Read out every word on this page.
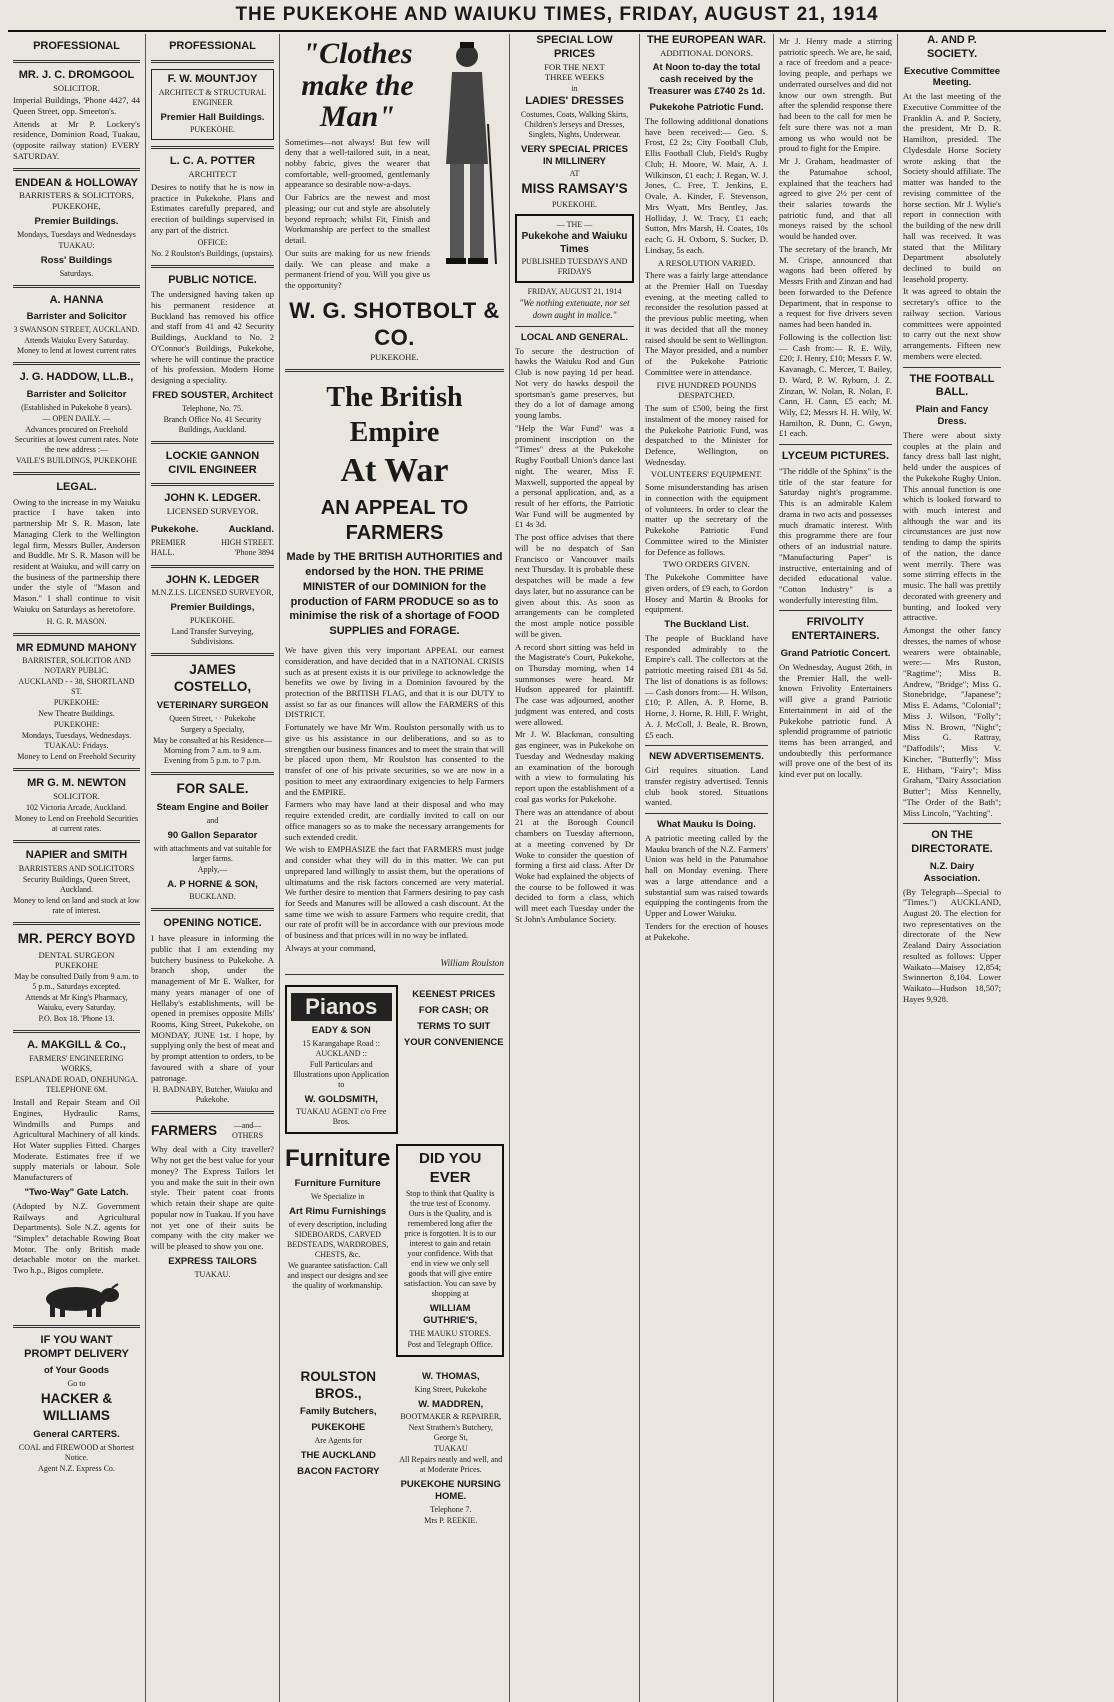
THE PUKEKOHE AND WAIUKU TIMES, FRIDAY, AUGUST 21, 1914
PROFESSIONAL
MR. J. C. DROMGOOL
SOLICITOR.
Imperial Buildings, 'Phone 4427, 44 Queen Street, opp. Smeeton's.
Attends at Mr P. Lockery's residence, Dominion Road, Tuakau, (opposite railway station) EVERY SATURDAY.
ENDEAN & HOLLOWAY
BARRISTERS & SOLICITORS, PUKEKOHE,
Premier Buildings.
Mondays, Tuesdays and Wednesdays
TUAKAU:
Ross' Buildings
Saturdays.
A. HANNA
Barrister and Solicitor
3 SWANSON STREET, AUCKLAND.
Attends Waiuku Every Saturday. Money to lend at lowest current rates
J. G. HADDOW, LL.B.,
Barrister and Solicitor
(Established in Pukekohe 8 years).
— OPEN DAILY. —
Advances procured on Freehold Securities at lowest current rates. Note the new address :—
VAILE'S BUILDINGS, PUKEKOHE
LEGAL.
Owing to the increase in my Waiuku practice I have taken into partnership Mr S. R. Mason, late Managing Clerk to the Wellington legal firm, Messrs Buller, Anderson and Buddle. Mr S. R. Mason will be resident at Waiuku, and will carry on the business of the partnership there under the style of "Mason and Mason." I shall continue to visit Waiuku on Saturdays as heretofore.
H. G. R. MASON.
MR EDMUND MAHONY
BARRISTER, SOLICITOR AND NOTARY PUBLIC.
AUCKLAND - - 38, SHORTLAND ST.
PUKEKOHE:
New Theatre Buildings.
PUKEKOHE:
Mondays, Tuesdays, Wednesdays. TUAKAU: Fridays.
Money to Lend on Freehold Security
MR G. M. NEWTON
SOLICITOR.
102 Victoria Arcade, Auckland.
Money to Lend on Freehold Securities at current rates.
NAPIER and SMITH
BARRISTERS AND SOLICITORS
Security Buildings, Queen Street, Auckland.
Money to lend on land and stock at low rate of interest.
MR. PERCY BOYD
DENTAL SURGEON
PUKEKOHE
May be consulted Daily from 9 a.m. to 5 p.m., Saturdays excepted.
Attends at Mr King's Pharmacy, Waiuku, every Saturday.
P.O. Box 18. 'Phone 13.
A. MAKGILL & Co.,
FARMERS' ENGINEERING WORKS,
ESPLANADE ROAD, ONEHUNGA. TELEPHONE 6M.
Install and Repair Steam and Oil Engines, Hydraulic Rams, Windmills and Pumps and Agricultural Machinery of all kinds. Hot Water supplies Fitted. Charges Moderate. Estimates free if we supply materials or labour. Sole Manufacturers of
"Two-Way" Gate Latch.
(Adopted by N.Z. Government Railways and Agricultural Departments). Sole N.Z. agents for "Simplex" detachable Rowing Boat Motor. The only British made detachable motor on the market. Two h.p., Bigos complete.
IF YOU WANT
PROMPT DELIVERY
of Your Goods
Go to
HACKER & WILLIAMS
General CARTERS.
COAL and FIREWOOD at Shortest Notice.
Agent N.Z. Express Co.
PROFESSIONAL
F. W. MOUNTJOY
ARCHITECT & STRUCTURAL ENGINEER
Premier Hall Buildings.
PUKEKOHE.
L. C. A. POTTER
ARCHITECT
Desires to notify that he is now in practice in Pukekohe. Plans and Estimates carefully prepared, and erection of buildings supervised in any part of the district.
OFFICE:
No. 2 Roulston's Buildings, (upstairs).
PUBLIC NOTICE.
The undersigned having taken up his permanent residence at Buckland has removed his office and staff from 41 and 42 Security Buildings, Auckland to No. 2 O'Connor's Buildings, Pukekohe, where he will continue the practice of his profession. Modern Home designing a speciality.
FRED SOUSTER, Architect
Telephone, No. 75.
Branch Office No. 41 Security Buildings, Auckland.
LOCKIE GANNON
CIVIL ENGINEER
JOHN K. LEDGER.
LICENSED SURVEYOR.
Pukekohe.
PREMIER HALL.
Auckland.
HIGH STREET. 'Phone 3894
JOHN K. LEDGER
M.N.Z.I.S. LICENSED SURVEYOR,
Premier Buildings,
PUKEKOHE.
Land Transfer Surveying, Subdivisions.
JAMES COSTELLO,
VETERINARY SURGEON
Queen Street, · · Pukekohe
Surgery a Specialty,
May be consulted at his Residence— Morning from 7 a.m. to 9 a.m. Evening from 5 p.m. to 7 p.m.
FOR SALE.
Steam Engine and Boiler
and
90 Gallon Separator
with attachments and vat suitable for larger farms.
Apply,—
A. P HORNE & SON,
BUCKLAND.
OPENING NOTICE.
I have pleasure in informing the public that I am extending my butchery business to Pukekohe. A branch shop, under the management of Mr E. Walker, for many years manager of one of Hellaby's establishments, will be opened in premises opposite Mills' Rooms, King Street, Pukekohe, on MONDAY, JUNE 1st. I hope, by supplying only the best of meat and by prompt attention to orders, to be favoured with a share of your patronage.
H. BADNABY, Butcher, Waiuku and Pukekohe.
FARMERS	—and— OTHERS
Why deal with a City traveller? Why not get the best value for your money? The Express Tailors let you and make the suit in their own style. Their patent coat fronts which retain their shape are quite popular now in Tuakau. If you have not yet one of their suits be company with the city maker we will be pleased to show you one.
EXPRESS TAILORS
TUAKAU.
"Clothes make the Man"
Sometimes—not always! But few will deny that a well-tailored suit, in a neat, nobby fabric, gives the wearer that comfortable, well-groomed, gentlemanly appearance so desirable now-a-days.
Our Fabrics are the newest and most pleasing; our cut and style are absolutely beyond reproach; whilst Fit, Finish and Workmanship are perfect to the smallest detail.
Our suits are making for us new friends daily. We can please and make a permanent friend of you. Will you give us the opportunity?
W. G. SHOTBOLT & CO.
PUKEKOHE.
The British Empire
At War
AN APPEAL TO FARMERS
Made by THE BRITISH AUTHORITIES and endorsed by the HON. THE PRIME MINISTER of our DOMINION for the production of FARM PRODUCE so as to minimise the risk of a shortage of FOOD SUPPLIES and FORAGE.
We have given this very important APPEAL our earnest consideration, and have decided that in a NATIONAL CRISIS such as at present exists it is our privilege to acknowledge the benefits we owe by living in a Dominion favoured by the protection of the BRITISH FLAG, and that it is our DUTY to assist so far as our finances will allow the FARMERS of this DISTRICT.
Fortunately we have Mr Wm. Roulston personally with us to give us his assistance in our deliberations, and so as to strengthen our business finances and to meet the strain that will be placed upon them, Mr Roulston has consented to the transfer of one of his private securities, so we are now in a position to meet any extraordinary exigencies to help Farmers and the EMPIRE.
Farmers who may have land at their disposal and who may require extended credit, are cordially invited to call on our office managers so as to make the necessary arrangements for such extended credit.
We wish to EMPHASIZE the fact that FARMERS must judge and consider what they will do in this matter. We can put unprepared land willingly to assist them, but the operations of ultimatums and the risk factors concerned are very material. We further desire to mention that Farmers desiring to pay cash for Seeds and Manures will be allowed a cash discount. At the same time we wish to assure Farmers who require credit, that our rate of profit will be in accordance with our previous mode of business and that prices will in no way be inflated.
Always at your command,
William Roulston
Pianos
EADY & SON
15 Karangahape Road :: AUCKLAND ::
Full Particulars and Illustrations upon Application to
W. GOLDSMITH,
TUAKAU AGENT c/o Free Bros.
KEENEST PRICES
FOR CASH; OR
TERMS TO SUIT
YOUR CONVENIENCE
Furniture
Furniture Furniture
We Specialize in
Art Rimu Furnishings
of every description, including SIDEBOARDS, CARVED BEDSTEADS, WARDROBES, CHESTS, &c.
We guarantee satisfaction. Call and inspect our designs and see the quality of workmanship.
DID YOU EVER
Stop to think that Quality is the true test of Economy. Ours is the Quality, and is remembered long after the price is forgotten. It is to our interest to gain and retain your confidence. With that end in view we only sell goods that will give entire satisfaction. You can save by shopping at
WILLIAM GUTHRIE'S,
THE MAUKU STORES.
Post and Telegraph Office.
ROULSTON BROS.,
Family Butchers,
PUKEKOHE
Are Agents for
THE AUCKLAND
BACON FACTORY
W. THOMAS,
King Street, Pukekohe
W. MADDREN,
BOOTMAKER & REPAIRER,
Next Strathern's Butchery, George St,
TUAKAU
All Repairs neatly and well, and at Moderate Prices.
PUKEKOHE NURSING HOME.
Telephone 7.
Mrs P. REEKIE.
SPECIAL LOW PRICES
FOR THE NEXT
THREE WEEKS
in
LADIES' DRESSES
Costumes, Coats, Walking Skirts, Children's Jerseys and Dresses, Singlets, Nights, Underwear.
VERY SPECIAL PRICES IN MILLINERY
AT
MISS RAMSAY'S
PUKEKOHE.
— THE —
Pukekohe and Waiuku Times
PUBLISHED TUESDAYS AND FRIDAYS
FRIDAY, AUGUST 21, 1914
"We nothing extenuate, nor set down aught in malice."
LOCAL AND GENERAL.
To secure the destruction of hawks the Waiuku Rod and Gun Club is now paying 1d per head. Not very do hawks despoil the sportsman's game preserves, but they do a lot of damage among young lambs.
"Help the War Fund" was a prominent inscription on the "Times" dress at the Pukekohe Rugby Football Union's dance last night. The wearer, Miss F. Maxwell, supported the appeal by a personal application, and, as a result of her efforts, the Patriotic War Fund will be augmented by £1 4s 3d.
The post office advises that there will be no despatch of San Francisco or Vancouver mails next Thursday. It is probable these despatches will be made a few days later, but no assurance can be given about this. As soon as arrangements can be completed the most ample notice possible will be given.
A record short sitting was held in the Magistrate's Court, Pukekohe, on Thursday morning, when 14 summonses were heard. Mr Hudson appeared for plaintiff. The case was adjourned, another judgment was entered, and costs were allowed.
Mr J. W. Blackman, consulting gas engineer, was in Pukekohe on Tuesday and Wednesday making an examination of the borough with a view to formulating his report upon the establishment of a coal gas works for Pukekohe.
There was an attendance of about 21 at the Borough Council chambers on Tuesday afternoon, at a meeting convened by Dr Woke to consider the question of forming a first aid class. After Dr Woke had explained the objects of the course to be followed it was decided to form a class, which will meet each Tuesday under the St John's Ambulance Society.
THE EUROPEAN WAR.
ADDITIONAL DONORS.
At Noon to-day the total cash received by the Treasurer was £740 2s 1d.
Pukekohe Patriotic Fund.
The following additional donations have been received:— Geo. S. Frost, £2 2s; City Football Club, Ellis Football Club, Field's Rugby Club; H. Moore, W. Mair, A. J. Wilkinson, £1 each; J. Regan, W. J. Jones, C. Free, T. Jenkins, E. Ovale, A. Kinder, F. Stevenson, Mrs Wyatt, Mrs Bentley, Jas. Holliday, J. W. Tracy, £1 each; Sutton, Mrs Marsh, H. Coates, 10s each; G. H. Oxborn, S. Sucker, D. Lindsay, 5s each.
A RESOLUTION VARIED.
There was a fairly large attendance at the Premier Hall on Tuesday evening, at the meeting called to reconsider the resolution passed at the previous public meeting, when it was decided that all the money raised should be sent to Wellington. The Mayor presided, and a number of the Pukekohe Patriotic Committee were in attendance.
FIVE HUNDRED POUNDS DESPATCHED.
The sum of £500, being the first instalment of the money raised for the Pukekohe Patriotic Fund, was despatched to the Minister for Defence, Wellington, on Wednesday.
VOLUNTEERS' EQUIPMENT.
Some misunderstanding has arisen in connection with the equipment of volunteers. In order to clear the matter up the secretary of the Pukekohe Patriotic Fund Committee wired to the Minister for Defence as follows.
TWO ORDERS GIVEN.
The Pukekohe Committee have given orders, of £9 each, to Gordon Hosey and Martin & Brooks for equipment.
The Buckland List.
The people of Buckland have responded admirably to the Empire's call. The collectors at the patriotic meeting raised £81 4s 5d. The list of donations is as follows:— Cash donors from:— H. Wilson, £10; P. Allen, A. P. Horne, B. Horne, J. Horne, R. Hill, F. Wright, A. J. McColl, J. Beale, R. Brown, £5 each.
NEW ADVERTISEMENTS.
Girl requires situation. Land transfer registry advertised. Tennis club book stored. Situations wanted.
What Mauku Is Doing.
A patriotic meeting called by the Mauku branch of the N.Z. Farmers' Union was held in the Patumahoe hall on Monday evening. There was a large attendance and a substantial sum was raised towards equipping the contingents from the Upper and Lower Waiuku.
Tenders for the erection of houses at Pukekohe.
Mr J. Henry made a stirring patriotic speech. We are, he said, a race of freedom and a peace-loving people, and perhaps we underrated ourselves and did not know our own strength. But after the splendid response there had been to the call for men he felt sure there was not a man among us who would not be proud to fight for the Empire.
Mr J. Graham, headmaster of the Patumahoe school, explained that the teachers had agreed to give 2½ per cent of their salaries towards the patriotic fund, and that all moneys raised by the school would be handed over.
The secretary of the branch, Mr M. Crispe, announced that wagons had been offered by Messrs Frith and Zinzan and had been forwarded to the Defence Department, that in response to a request for five drivers seven names had been handed in.
Following is the collection list:— Cash from:— R. E. Wily, £20; J. Henry, £10; Messrs F. W. Kavanagh, C. Mercer, T. Bailey, D. Ward, P. W. Ryburn, J. Z. Zinzan, W. Nolan, R. Nolan, F. Cann, H. Cann, £5 each; M. Wily, £2; Messrs H. H. Wily, W. Hamilton, R. Dunn, C. Gwyn, £1 each.
LYCEUM PICTURES.
"The riddle of the Sphinx" is the title of the star feature for Saturday night's programme. This is an admirable Kalem drama in two acts and possesses much dramatic interest. With this programme there are four others of an industrial nature. "Manufacturing Paper" is instructive, entertaining and of decided educational value. "Cotton Industry" is a wonderfully interesting film.
FRIVOLITY ENTERTAINERS.
Grand Patriotic Concert.
On Wednesday, August 26th, in the Premier Hall, the well-known Frivolity Entertainers will give a grand Patriotic Entertainment in aid of the Pukekohe patriotic fund. A splendid programme of patriotic items has been arranged, and undoubtedly this performance will prove one of the best of its kind ever put on locally.
A. AND P. SOCIETY.
Executive Committee Meeting.
At the last meeting of the Executive Committee of the Franklin A. and P. Society, the president, Mr D. R. Hamilton, presided. The Clydesdale Horse Society wrote asking that the Society should affiliate. The matter was handed to the revising committee of the horse section. Mr J. Wylie's report in connection with the building of the new drill hall was received. It was stated that the Military Department absolutely declined to build on leasehold property.
It was agreed to obtain the secretary's office to the railway section. Various committees were appointed to carry out the next show arrangements. Fifteen new members were elected.
THE FOOTBALL BALL.
Plain and Fancy Dress.
There were about sixty couples at the plain and fancy dress ball last night, held under the auspices of the Pukekohe Rugby Union. This annual function is one which is looked forward to with much interest and although the war and its circumstances are just now tending to damp the spirits of the nation, the dance went merrily. There was some stirring effects in the music. The hall was prettily decorated with greenery and bunting, and looked very attractive.
Amongst the other fancy dresses, the names of whose wearers were obtainable, were:— Mrs Ruston, "Ragtime"; Miss B. Andrew, "Bridge"; Miss G. Stonebridge, "Japanese"; Miss E. Adams, "Colonial"; Miss J. Wilson, "Folly"; Miss N. Brown, "Night"; Miss G. Rattray, "Daffodils"; Miss V. Kincher, "Butterfly"; Miss E. Hitham, "Fairy"; Miss Graham, "Dairy Association Butter"; Miss Kennelly, "The Order of the Bath"; Miss Lincoln, "Yachting".
ON THE DIRECTORATE.
N.Z. Dairy Association.
(By Telegraph—Special to "Times.") AUCKLAND, August 20. The election for two representatives on the directorate of the New Zealand Dairy Association resulted as follows: Upper Waikato—Maisey 12,854; Swinnerton 8,104. Lower Waikato—Hudson 18,507; Hayes 9,928.
